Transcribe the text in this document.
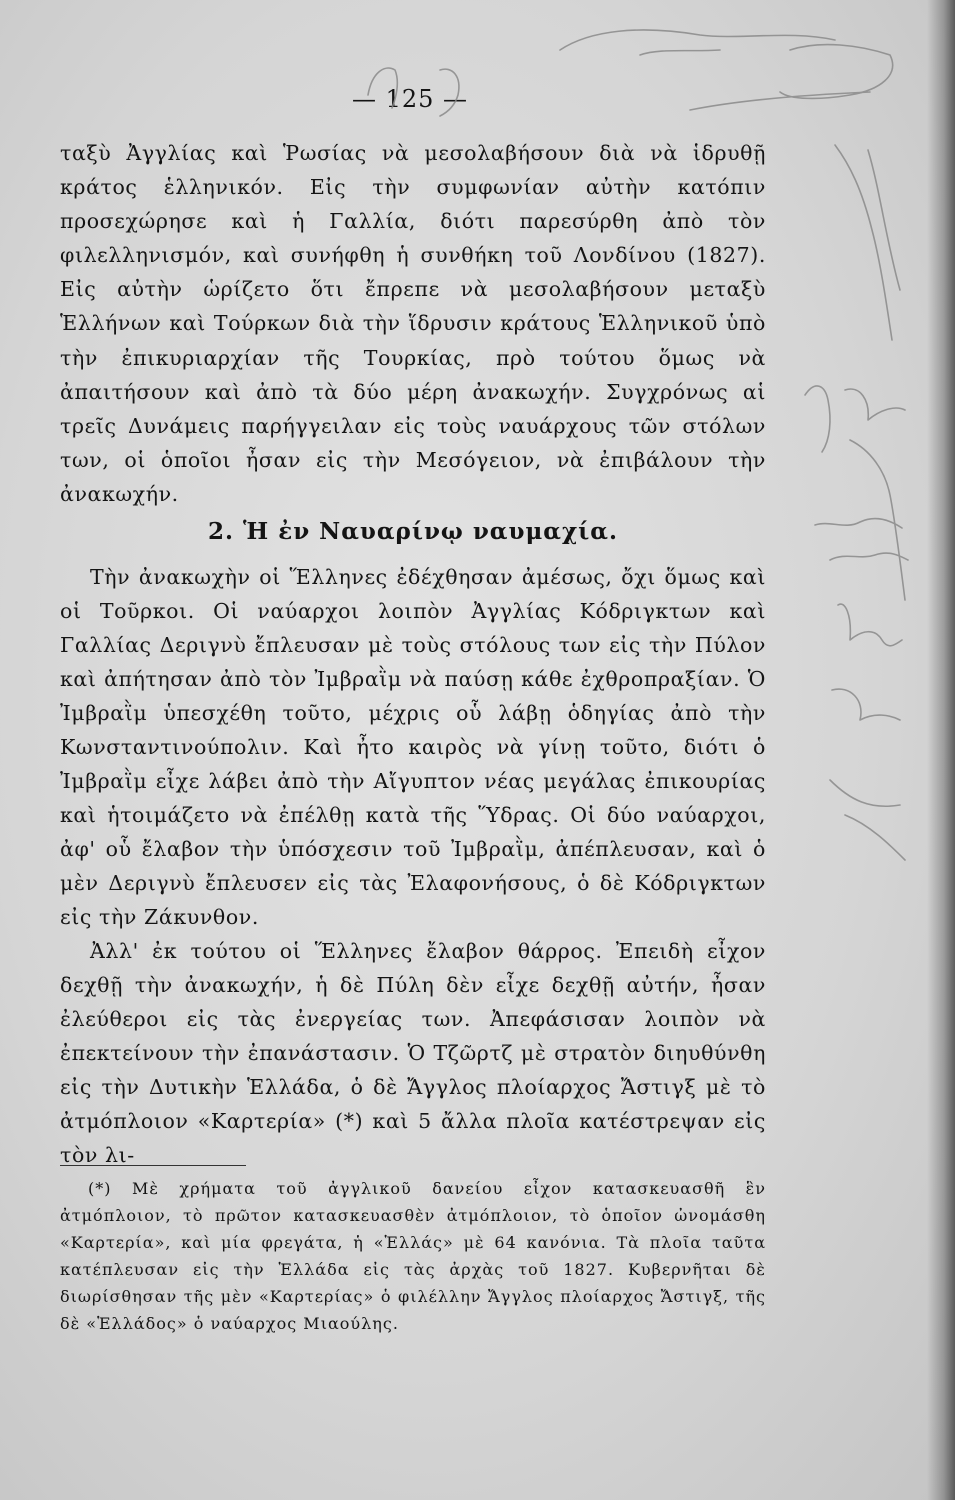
— 125 —

ταξὺ Ἀγγλίας καὶ Ῥωσίας νὰ μεσολαβήσουν διὰ νὰ ἱδρυθῇ κράτος ἑλληνικόν. Εἰς τὴν συμφωνίαν αὐτὴν κατόπιν προσεχώρησε καὶ ἡ Γαλλία, διότι παρεσύρθη ἀπὸ τὸν φιλελληνισμόν, καὶ συνήφθη ἡ συνθήκη τοῦ Λονδίνου (1827). Εἰς αὐτὴν ὡρίζετο ὅτι ἔπρεπε νὰ μεσολαβήσουν μεταξὺ Ἑλλήνων καὶ Τούρκων διὰ τὴν ἵδρυσιν κράτους Ἑλληνικοῦ ὑπὸ τὴν ἐπικυριαρχίαν τῆς Τουρκίας, πρὸ τούτου ὅμως νὰ ἀπαιτήσουν καὶ ἀπὸ τὰ δύο μέρη ἀνακωχήν. Συγχρόνως αἱ τρεῖς Δυνάμεις παρήγγειλαν εἰς τοὺς ναυάρχους τῶν στόλων των, οἱ ὁποῖοι ἦσαν εἰς τὴν Μεσόγειον, νὰ ἐπιβάλουν τὴν ἀνακωχήν.

2. Ἡ ἐν Ναυαρίνῳ ναυμαχία.

Τὴν ἀνακωχὴν οἱ Ἕλληνες ἐδέχθησαν ἀμέσως, ὄχι ὅμως καὶ οἱ Τοῦρκοι. Οἱ ναύαρχοι λοιπὸν Ἀγγλίας Κόδριγκτων καὶ Γαλλίας Δεριγνὺ ἔπλευσαν μὲ τοὺς στόλους των εἰς τὴν Πύλον καὶ ἀπήτησαν ἀπὸ τὸν Ἰμβραῒμ νὰ παύσῃ κάθε ἐχθροπραξίαν. Ὁ Ἰμβραῒμ ὑπεσχέθη τοῦτο, μέχρις οὗ λάβῃ ὁδηγίας ἀπὸ τὴν Κωνσταντινούπολιν. Καὶ ἦτο καιρὸς νὰ γίνῃ τοῦτο, διότι ὁ Ἰμβραῒμ εἶχε λάβει ἀπὸ τὴν Αἴγυπτον νέας μεγάλας ἐπικουρίας καὶ ἡτοιμάζετο νὰ ἐπέλθῃ κατὰ τῆς Ὕδρας. Οἱ δύο ναύαρχοι, ἀφ' οὗ ἔλαβον τὴν ὑπόσχεσιν τοῦ Ἰμβραῒμ, ἀπέπλευσαν, καὶ ὁ μὲν Δεριγνὺ ἔπλευσεν εἰς τὰς Ἐλαφονήσους, ὁ δὲ Κόδριγκτων εἰς τὴν Ζάκυνθον.

Ἀλλ' ἐκ τούτου οἱ Ἕλληνες ἔλαβον θάρρος. Ἐπειδὴ εἶχον δεχθῇ τὴν ἀνακωχήν, ἡ δὲ Πύλη δὲν εἶχε δεχθῇ αὐτήν, ἦσαν ἐλεύθεροι εἰς τὰς ἐνεργείας των. Ἀπεφάσισαν λοιπὸν νὰ ἐπεκτείνουν τὴν ἐπανάστασιν. Ὁ Τζῶρτζ μὲ στρατὸν διηυθύνθη εἰς τὴν Δυτικὴν Ἑλλάδα, ὁ δὲ Ἄγγλος πλοίαρχος Ἄστιγξ μὲ τὸ ἀτμόπλοιον «Καρτερία» (*) καὶ 5 ἄλλα πλοῖα κατέστρεψαν εἰς τὸν λι-

(*) Μὲ χρήματα τοῦ ἀγγλικοῦ δανείου εἶχον κατασκευασθῆ ἓν ἀτμόπλοιον, τὸ πρῶτον κατασκευασθὲν ἀτμόπλοιον, τὸ ὁποῖον ὠνομάσθη «Καρτερία», καὶ μία φρεγάτα, ἡ «Ἑλλάς» μὲ 64 κανόνια. Τὰ πλοῖα ταῦτα κατέπλευσαν εἰς τὴν Ἑλλάδα εἰς τὰς ἀρχὰς τοῦ 1827. Κυβερνῆται δὲ διωρίσθησαν τῆς μὲν «Καρτερίας» ὁ φιλέλλην Ἄγγλος πλοίαρχος Ἄστιγξ, τῆς δὲ «Ἑλλάδος» ὁ ναύαρχος Μιαούλης.
